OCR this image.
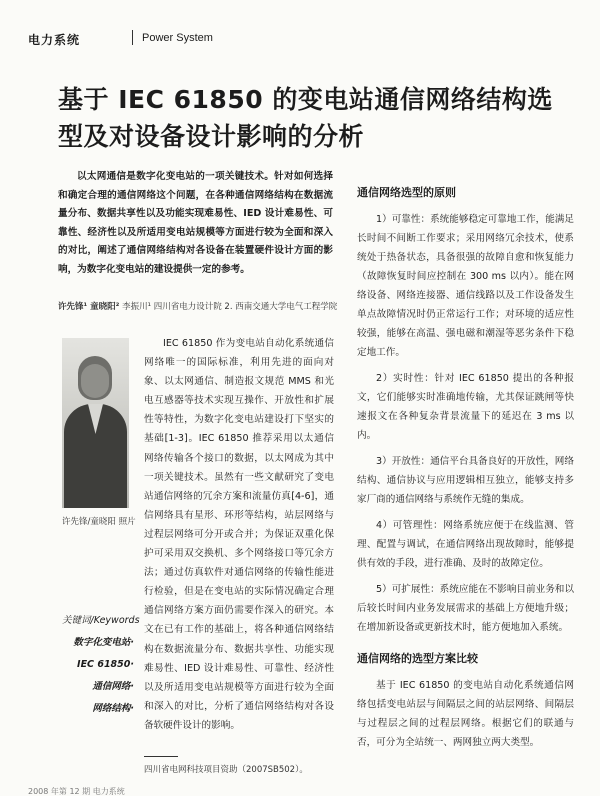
电力系统	Power System
基于 IEC 61850 的变电站通信网络结构选型及对设备设计影响的分析

以太网通信是数字化变电站的一项关键技术。针对如何选择和确定合理的通信网络这个问题，在各种通信网络结构在数据流量分布、数据共享性以及功能实现难易性、IED 设计难易性、可靠性、经济性以及所适用变电站规模等方面进行较为全面和深入的对比，阐述了通信网络结构对各设备在装置硬件设计方面的影响，为数字化变电站的建设提供一定的参考。

许先锋¹ 童晓阳² 李振川¹ 四川省电力设计院 2. 西南交通大学电气工程学院
许先锋/童晓阳 照片
关键词/Keywords
数字化变电站·
IEC 61850·
通信网络·
网络结构·

IEC 61850 作为变电站自动化系统通信网络唯一的国际标准，利用先进的面向对象、以太网通信、制造报文规范 MMS 和光电互感器等技术实现互操作、开放性和扩展性等特性，为数字化变电站建设打下坚实的基础[1-3]。IEC 61850 推荐采用以太通信网络传输各个接口的数据，以太网成为其中一项关键技术。虽然有一些文献研究了变电站通信网络的冗余方案和流量仿真[4-6]，通信网络具有星形、环形等结构，站层网络与过程层网络可分开或合并；为保证双重化保护可采用双交换机、多个网络接口等冗余方法；通过仿真软件对通信网络的传输性能进行检验，但是在变电站的实际情况确定合理通信网络方案方面仍需要作深入的研究。本文在已有工作的基础上，将各种通信网络结构在数据流量分布、数据共享性、功能实现难易性、IED 设计难易性、可靠性、经济性以及所适用变电站规模等方面进行较为全面和深入的对比，分析了通信网络结构对各设备软硬件设计的影响。

四川省电网科技项目资助（2007SB502）。
通信网络选型的原则

1）可靠性：系统能够稳定可靠地工作，能满足长时间不间断工作要求；采用网络冗余技术，使系统处于热备状态，具备很强的故障自愈和恢复能力（故障恢复时间应控制在 300 ms 以内）。能在网络设备、网络连接器、通信线路以及工作设备发生单点故障情况时仍正常运行工作；对环境的适应性较强，能够在高温、强电磁和潮湿等恶劣条件下稳定地工作。

2）实时性：针对 IEC 61850 提出的各种报文，它们能够实时准确地传输，尤其保证跳闸等快速报文在各种复杂背景流量下的延迟在 3 ms 以内。

3）开放性：通信平台具备良好的开放性，网络结构、通信协议与应用逻辑相互独立，能够支持多家厂商的通信网络与系统作无缝的集成。

4）可管理性：网络系统应便于在线监测、管理、配置与调试，在通信网络出现故障时，能够提供有效的手段，进行准确、及时的故障定位。

5）可扩展性：系统应能在不影响目前业务和以后较长时间内业务发展需求的基础上方便地升级；在增加新设备或更新技术时，能方便地加入系统。

通信网络的选型方案比较

基于 IEC 61850 的变电站自动化系统通信网络包括变电站层与间隔层之间的站层网络、间隔层与过程层之间的过程层网络。根据它们的联通与否，可分为全站统一、两网独立两大类型。

2008 年第 12 期 电力系统
